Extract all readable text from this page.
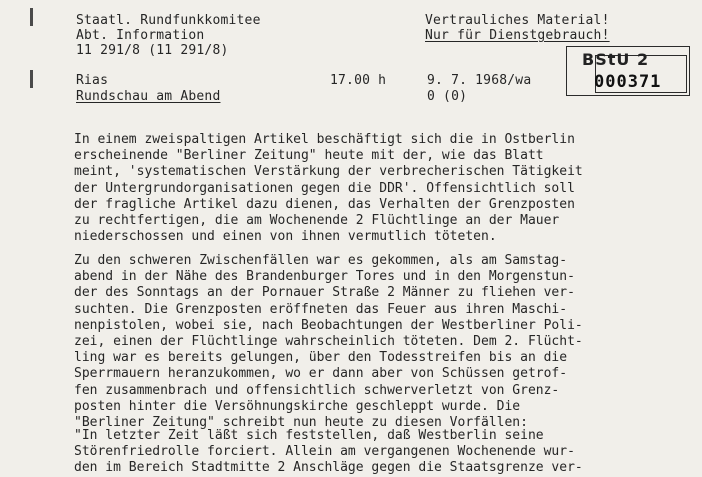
Staatl. Rundfunkkomitee
Abt. Information
11 291/8 (11 291/8)
Vertrauliches Material!
Nur für Dienstgebrauch!
BStU 2
000371
Rias
Rundschau am Abend
17.00 h	9. 7. 1968/wa
0 (0)
In einem zweispaltigen Artikel beschäftigt sich die in Ostberlin
erscheinende "Berliner Zeitung" heute mit der, wie das Blatt
meint, 'systematischen Verstärkung der verbrecherischen Tätigkeit
der Untergrundorganisationen gegen die DDR'. Offensichtlich soll
der fragliche Artikel dazu dienen, das Verhalten der Grenzposten
zu rechtfertigen, die am Wochenende 2 Flüchtlinge an der Mauer
niederschossen und einen von ihnen vermutlich töteten.
Zu den schweren Zwischenfällen war es gekommen, als am Samstag-
abend in der Nähe des Brandenburger Tores und in den Morgenstun-
der des Sonntags an der Pornauer Straße 2 Männer zu fliehen ver-
suchten. Die Grenzposten eröffneten das Feuer aus ihren Maschi-
nenpistolen, wobei sie, nach Beobachtungen der Westberliner Poli-
zei, einen der Flüchtlinge wahrscheinlich töteten. Dem 2. Flücht-
ling war es bereits gelungen, über den Todesstreifen bis an die
Sperrmauern heranzukommen, wo er dann aber von Schüssen getrof-
fen zusammenbrach und offensichtlich schwerverletzt von Grenz-
posten hinter die Versöhnungskirche geschleppt wurde. Die
"Berliner Zeitung" schreibt nun heute zu diesen Vorfällen:
"In letzter Zeit läßt sich feststellen, daß Westberlin seine
Störenfriedrolle forciert. Allein am vergangenen Wochenende wur-
den im Bereich Stadtmitte 2 Anschläge gegen die Staatsgrenze ver-
